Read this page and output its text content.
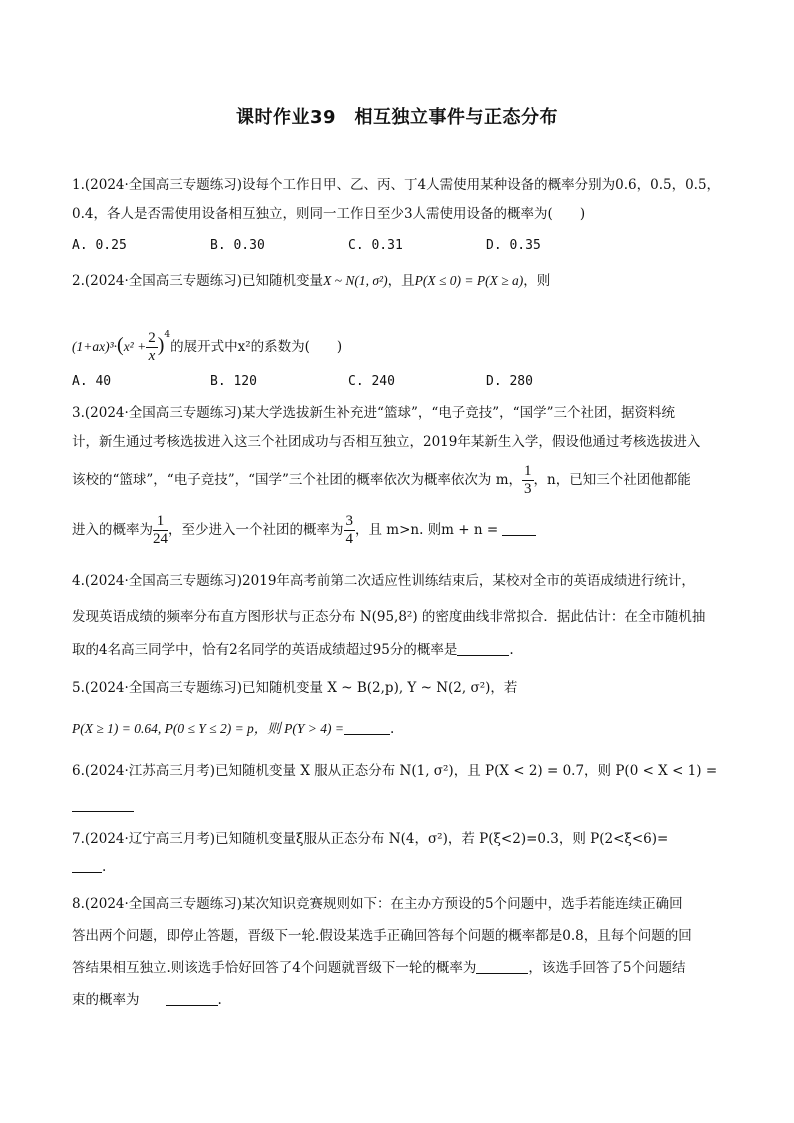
课时作业39　相互独立事件与正态分布
1.(2024·全国高三专题练习)设每个工作日甲、乙、丙、丁4人需使用某种设备的概率分别为0.6，0.5，0.5，
0.4，各人是否需使用设备相互独立，则同一工作日至少3人需使用设备的概率为(　　)
A. 0.25	B. 0.30	C. 0.31	D. 0.35
2.(2024·全国高三专题练习)已知随机变量X ~ N(1, σ²)，且P(X ≤ 0) = P(X ≥ a)，则
$(1+ax)^3\cdot(x^2 + \frac{2}{x} )^4$的展开式中x²的系数为(　　)
A. 40	B. 120	C. 240	D. 280
3.(2024·全国高三专题练习)某大学选拔新生补充进“篮球”，“电子竞技”，“国学”三个社团，据资料统
计，新生通过考核选拔进入这三个社团成功与否相互独立，2019年某新生入学，假设他通过考核选拔进入
该校的“篮球”，“电子竞技”，“国学”三个社团的概率依次为概率依次为 m， $\frac{1}{3}$ ，n，已知三个社团他都能
进入的概率为 $\frac{1}{24}$ ，至少进入一个社团的概率为 $\frac{3}{4}$ ，且 m>n. 则m + n =
4.(2024·全国高三专题练习)2019年高考前第二次适应性训练结束后，某校对全市的英语成绩进行统计，
发现英语成绩的频率分布直方图形状与正态分布 N(95,8²) 的密度曲线非常拟合．据此估计：在全市随机抽
取的4名高三同学中，恰有2名同学的英语成绩超过95分的概率是	.
5.(2024·全国高三专题练习)已知随机变量 X ~ B(2,p), Y ~ N(2, σ²)，若
P(X ≥ 1) = 0.64, P(0 ≤ Y ≤ 2) = p，则 P(Y > 4) =	.
6.(2024·江苏高三月考)已知随机变量 X 服从正态分布 N(1, σ²)，且 P(X < 2) = 0.7，则 P(0 < X < 1) =
7.(2024·辽宁高三月考)已知随机变量ξ服从正态分布 N(4，σ²)，若 P(ξ<2)=0.3，则 P(2<ξ<6)=
.
8.(2024·全国高三专题练习)某次知识竞赛规则如下：在主办方预设的5个问题中，选手若能连续正确回
答出两个问题，即停止答题，晋级下一轮.假设某选手正确回答每个问题的概率都是0.8，且每个问题的回
答结果相互独立.则该选手恰好回答了4个问题就晋级下一轮的概率为	，该选手回答了5个问题结
束的概率为	.
